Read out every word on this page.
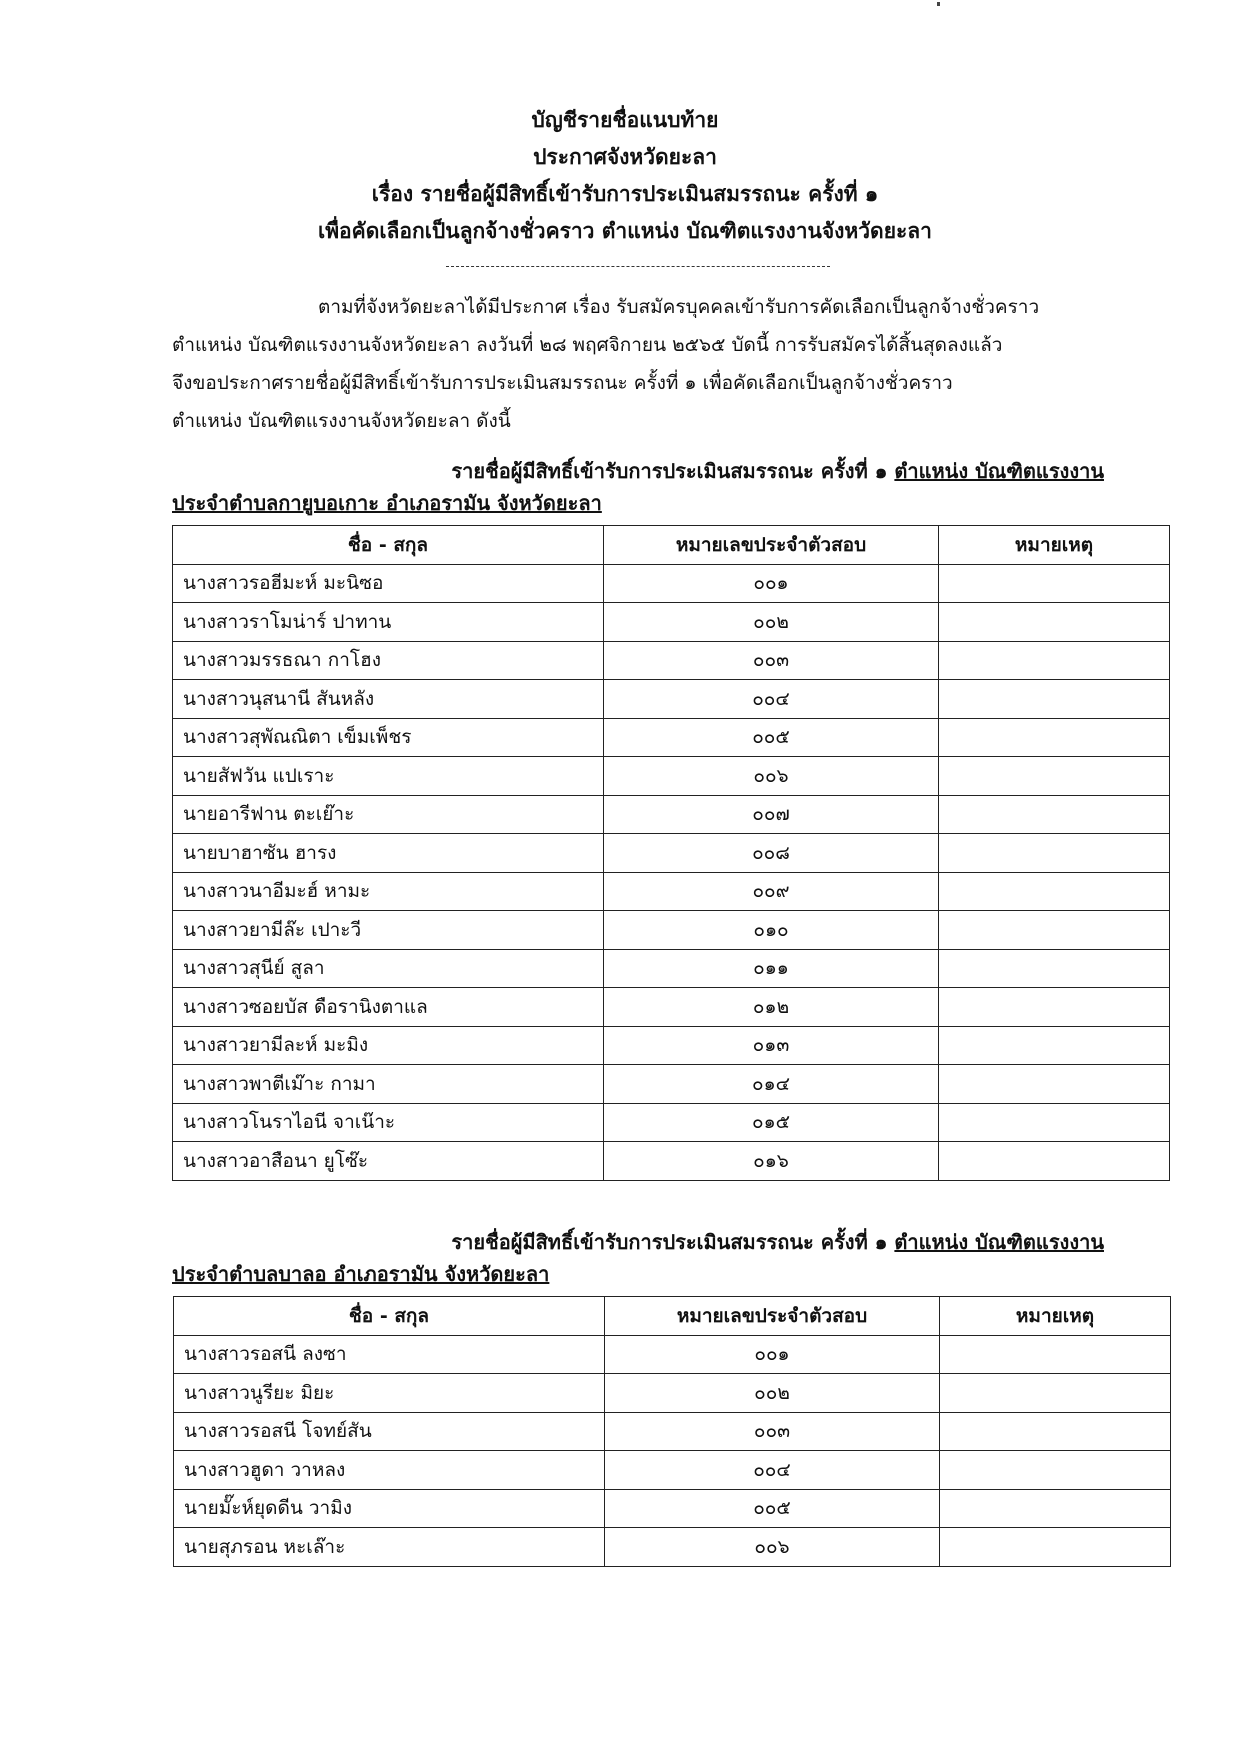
บัญชีรายชื่อแนบท้าย
ประกาศจังหวัดยะลา
เรื่อง รายชื่อผู้มีสิทธิ์เข้ารับการประเมินสมรรถนะ ครั้งที่ ๑
เพื่อคัดเลือกเป็นลูกจ้างชั่วคราว ตำแหน่ง บัณฑิตแรงงานจังหวัดยะลา
ตามที่จังหวัดยะลาได้มีประกาศ เรื่อง รับสมัครบุคคลเข้ารับการคัดเลือกเป็นลูกจ้างชั่วคราว
ตำแหน่ง บัณฑิตแรงงานจังหวัดยะลา ลงวันที่ ๒๘ พฤศจิกายน ๒๕๖๕ บัดนี้ การรับสมัครได้สิ้นสุดลงแล้ว
จึงขอประกาศรายชื่อผู้มีสิทธิ์เข้ารับการประเมินสมรรถนะ ครั้งที่ ๑ เพื่อคัดเลือกเป็นลูกจ้างชั่วคราว
ตำแหน่ง บัณฑิตแรงงานจังหวัดยะลา ดังนี้
รายชื่อผู้มีสิทธิ์เข้ารับการประเมินสมรรถนะ ครั้งที่ ๑ ตำแหน่ง บัณฑิตแรงงาน
ประจำตำบลกายูบอเกาะ อำเภอรามัน จังหวัดยะลา
ชื่อ - สกุล	หมายเลขประจำตัวสอบ	หมายเหตุ
นางสาวรอฮีมะห์ มะนิซอ	๐๐๑	
นางสาวราโมน่าร์ ปาทาน	๐๐๒	
นางสาวมรรธณา กาโฮง	๐๐๓	
นางสาวนุสนานี สันหลัง	๐๐๔	
นางสาวสุพัณณิตา เข็มเพ็ชร	๐๐๕	
นายสัฟวัน แปเราะ	๐๐๖	
นายอารีฟาน ตะเย๊าะ	๐๐๗	
นายบาฮาซัน ฮารง	๐๐๘	
นางสาวนาอีมะฮ์ หามะ	๐๐๙	
นางสาวยามีล๊ะ เปาะวี	๐๑๐	
นางสาวสุนีย์ สูลา	๐๑๑	
นางสาวซอยบัส ดือรานิงตาแล	๐๑๒	
นางสาวยามีละห์ มะมิง	๐๑๓	
นางสาวพาตีเม๊าะ กามา	๐๑๔	
นางสาวโนราไอนี จาเน๊าะ	๐๑๕	
นางสาวอาสือนา ยูโซ๊ะ	๐๑๖	
รายชื่อผู้มีสิทธิ์เข้ารับการประเมินสมรรถนะ ครั้งที่ ๑ ตำแหน่ง บัณฑิตแรงงาน
ประจำตำบลบาลอ อำเภอรามัน จังหวัดยะลา
ชื่อ - สกุล	หมายเลขประจำตัวสอบ	หมายเหตุ
นางสาวรอสนี ลงซา	๐๐๑	
นางสาวนูรียะ มิยะ	๐๐๒	
นางสาวรอสนี โจทย์สัน	๐๐๓	
นางสาวฮูดา วาหลง	๐๐๔	
นายมั๊ะห์ยุดดีน วามิง	๐๐๕	
นายสุภรอน หะเล๊าะ	๐๐๖	
